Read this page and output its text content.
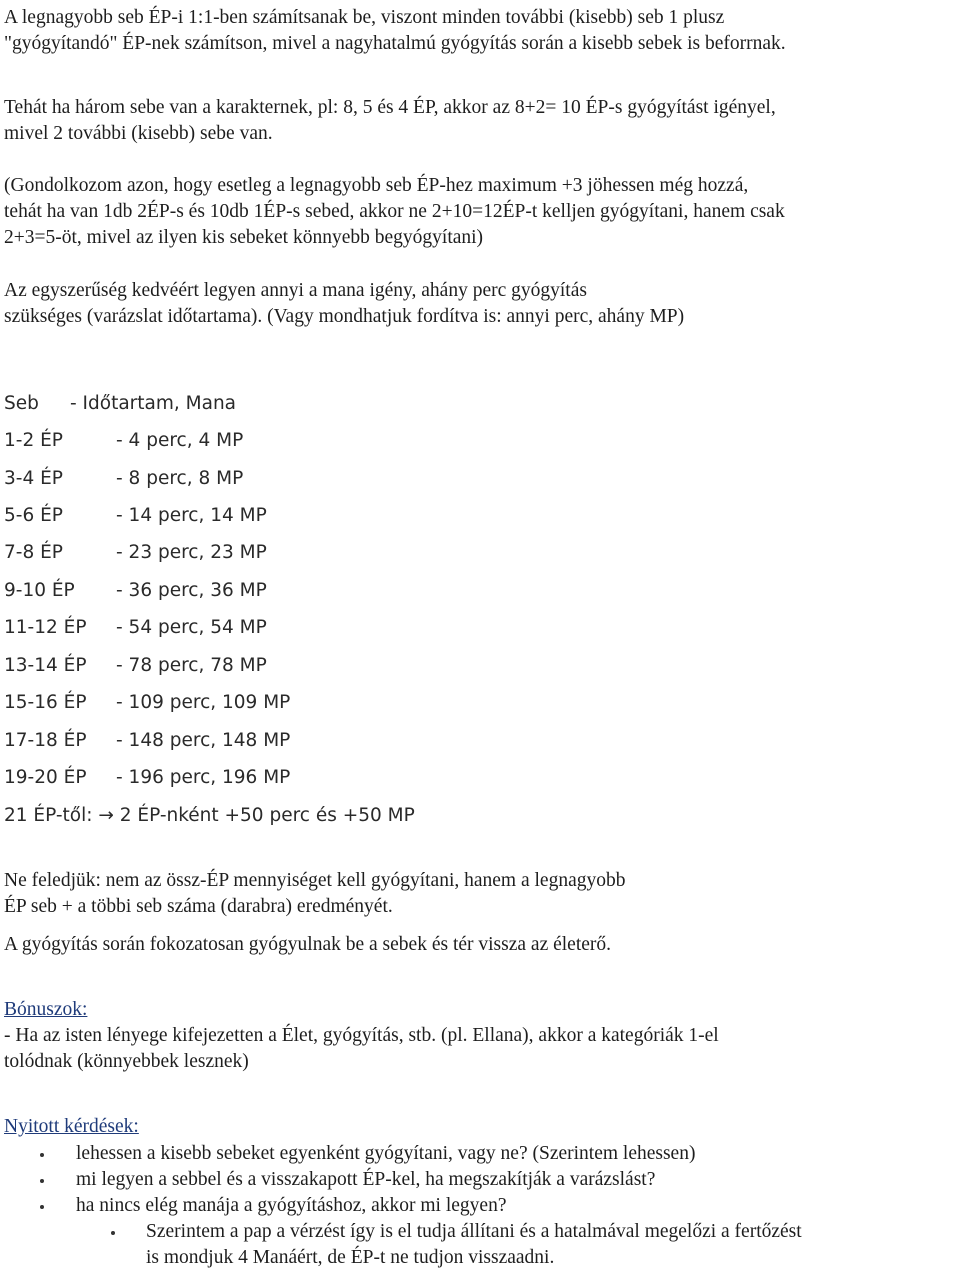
A legnagyobb seb ÉP-i 1:1-ben számítsanak be, viszont minden további (kisebb) seb 1 plusz

"gyógyítandó" ÉP-nek számítson, mivel a nagyhatalmú gyógyítás során a kisebb sebek is beforrnak.

Tehát ha három sebe van a karakternek, pl: 8, 5 és 4 ÉP, akkor az 8+2= 10 ÉP-s gyógyítást igényel,

mivel 2 további (kisebb) sebe van.

(Gondolkozom azon, hogy esetleg a legnagyobb seb ÉP-hez maximum +3 jöhessen még hozzá,

tehát ha van 1db 2ÉP-s és 10db 1ÉP-s sebed, akkor ne 2+10=12ÉP-t kelljen gyógyítani, hanem csak

2+3=5-öt, mivel az ilyen kis sebeket könnyebb begyógyítani)

Az egyszerűség kedvéért legyen annyi a mana igény, ahány perc gyógyítás

szükséges (varázslat időtartama). (Vagy mondhatjuk fordítva is: annyi perc, ahány MP)

Seb - Időtartam, Mana

1-2 ÉP	- 4 perc, 4 MP

3-4 ÉP	- 8 perc, 8 MP

5-6 ÉP	- 14 perc, 14 MP

7-8 ÉP	- 23 perc, 23 MP

9-10 ÉP - 36 perc, 36 MP

11-12 ÉP - 54 perc, 54 MP

13-14 ÉP - 78 perc, 78 MP

15-16 ÉP - 109 perc, 109 MP

17-18 ÉP - 148 perc, 148 MP

19-20 ÉP - 196 perc, 196 MP

21 ÉP-től: → 2 ÉP-nként +50 perc és +50 MP

Ne feledjük: nem az össz-ÉP mennyiséget kell gyógyítani, hanem a legnagyobb

ÉP seb + a többi seb száma (darabra) eredményét.

A gyógyítás során fokozatosan gyógyulnak be a sebek és tér vissza az életerő.

Bónuszok:

- Ha az isten lényege kifejezetten a Élet, gyógyítás, stb. (pl. Ellana), akkor a kategóriák 1-el

tolódnak (könnyebbek lesznek)

Nyitott kérdések:

lehessen a kisebb sebeket egyenként gyógyítani, vagy ne? (Szerintem lehessen)
mi legyen a sebbel és a visszakapott ÉP-kel, ha megszakítják a varázslást?
ha nincs elég manája a gyógyításhoz, akkor mi legyen?
Szerintem a pap a vérzést így is el tudja állítani és a hatalmával megelőzi a fertőzést
is mondjuk 4 Manáért, de ÉP-t ne tudjon visszaadni.
